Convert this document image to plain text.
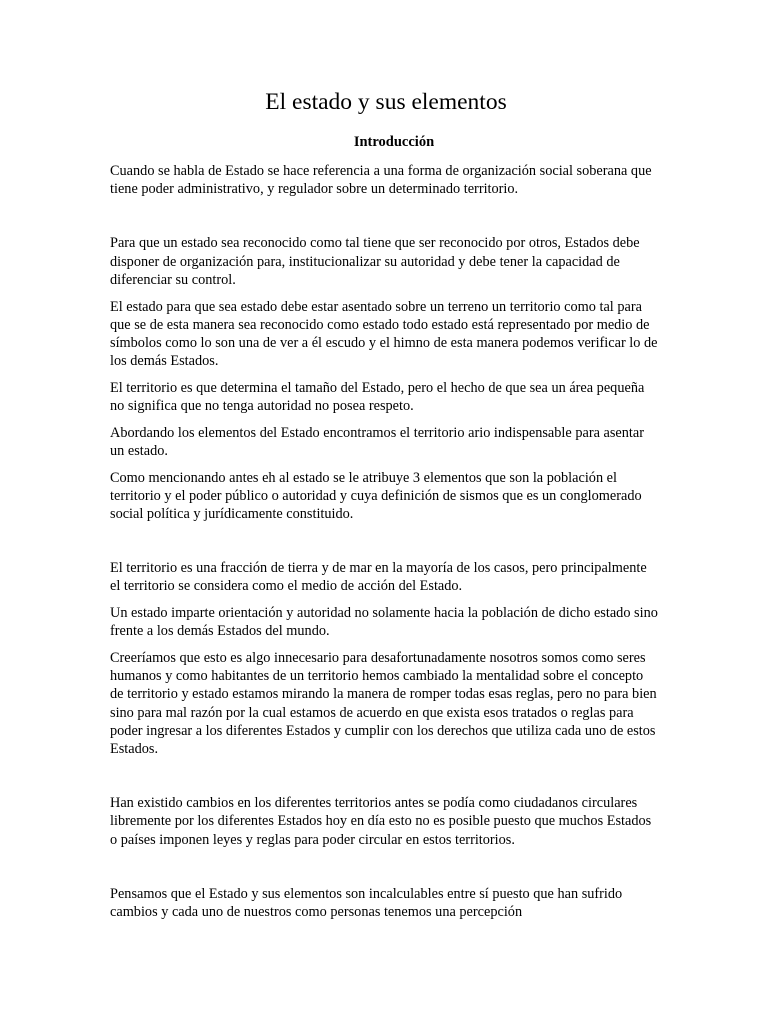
El estado y sus elementos
Introducción

Cuando se habla de Estado se hace referencia a una forma de organización social soberana que tiene poder administrativo, y regulador sobre un determinado territorio.

Para que un estado sea reconocido como tal tiene que ser reconocido por otros, Estados debe disponer de organización para, institucionalizar su autoridad y debe tener la capacidad de diferenciar su control.

El estado para que sea estado debe estar asentado sobre un terreno un territorio como tal para que se de esta manera sea reconocido como estado todo estado está representado por medio de símbolos como lo son una de ver a él escudo y el himno de esta manera podemos verificar lo de los demás Estados.

El territorio es que determina el tamaño del Estado, pero el hecho de que sea un área pequeña no significa que no tenga autoridad no posea respeto.

Abordando los elementos del Estado encontramos el territorio ario indispensable para asentar un estado.

Como mencionando antes eh al estado se le atribuye 3 elementos que son la población el territorio y el poder público o autoridad y cuya definición de sismos que es un conglomerado social política y jurídicamente constituido.

El territorio es una fracción de tierra y de mar en la mayoría de los casos, pero principalmente el territorio se considera como el medio de acción del Estado.

Un estado imparte orientación y autoridad no solamente hacia la población de dicho estado sino frente a los demás Estados del mundo.

Creeríamos que esto es algo innecesario para desafortunadamente nosotros somos como seres humanos y como habitantes de un territorio hemos cambiado la mentalidad sobre el concepto de territorio y estado estamos mirando la manera de romper todas esas reglas, pero no para bien sino para mal razón por la cual estamos de acuerdo en que exista esos tratados o reglas para poder ingresar a los diferentes Estados y cumplir con los derechos que utiliza cada uno de estos Estados.

Han existido cambios en los diferentes territorios antes se podía como ciudadanos circulares libremente por los diferentes Estados hoy en día esto no es posible puesto que muchos Estados o países imponen leyes y reglas para poder circular en estos territorios.

Pensamos que el Estado y sus elementos son incalculables entre sí puesto que han sufrido cambios y cada uno de nuestros como personas tenemos una percepción
